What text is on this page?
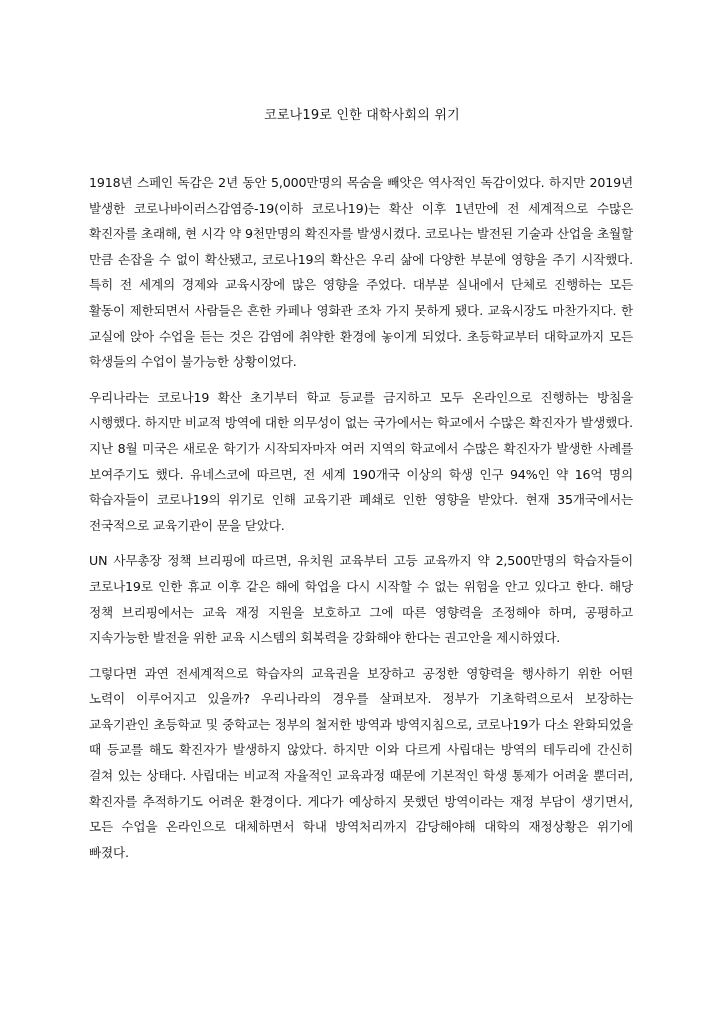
코로나19로 인한 대학사회의 위기

1918년 스페인 독감은 2년 동안 5,000만명의 목숨을 빼앗은 역사적인 독감이었다. 하지만 2019년 발생한 코로나바이러스감염증-19(이하 코로나19)는 확산 이후 1년만에 전 세계적으로 수많은 확진자를 초래해, 현 시각 약 9천만명의 확진자를 발생시켰다. 코로나는 발전된 기술과 산업을 초월할 만큼 손잡을 수 없이 확산됐고, 코로나19의 확산은 우리 삶에 다양한 부분에 영향을 주기 시작했다. 특히 전 세계의 경제와 교육시장에 많은 영향을 주었다. 대부분 실내에서 단체로 진행하는 모든 활동이 제한되면서 사람들은 흔한 카페나 영화관 조차 가지 못하게 됐다. 교육시장도 마찬가지다. 한 교실에 앉아 수업을 듣는 것은 감염에 취약한 환경에 놓이게 되었다. 초등학교부터 대학교까지 모든 학생들의 수업이 불가능한 상황이었다.

우리나라는 코로나19 확산 초기부터 학교 등교를 금지하고 모두 온라인으로 진행하는 방침을 시행했다. 하지만 비교적 방역에 대한 의무성이 없는 국가에서는 학교에서 수많은 확진자가 발생했다. 지난 8월 미국은 새로운 학기가 시작되자마자 여러 지역의 학교에서 수많은 확진자가 발생한 사례를 보여주기도 했다. 유네스코에 따르면, 전 세계 190개국 이상의 학생 인구 94%인 약 16억 명의 학습자들이 코로나19의 위기로 인해 교육기관 폐쇄로 인한 영향을 받았다. 현재 35개국에서는 전국적으로 교육기관이 문을 닫았다.

UN 사무총장 정책 브리핑에 따르면, 유치원 교육부터 고등 교육까지 약 2,500만명의 학습자들이 코로나19로 인한 휴교 이후 같은 해에 학업을 다시 시작할 수 없는 위험을 안고 있다고 한다. 해당 정책 브리핑에서는 교육 재정 지원을 보호하고 그에 따른 영향력을 조정해야 하며, 공평하고 지속가능한 발전을 위한 교육 시스템의 회복력을 강화해야 한다는 권고안을 제시하였다.

그렇다면 과연 전세계적으로 학습자의 교육권을 보장하고 공정한 영향력을 행사하기 위한 어떤 노력이 이루어지고 있을까? 우리나라의 경우를 살펴보자. 정부가 기초학력으로서 보장하는 교육기관인 초등학교 및 중학교는 정부의 철저한 방역과 방역지침으로, 코로나19가 다소 완화되었을 때 등교를 해도 확진자가 발생하지 않았다. 하지만 이와 다르게 사립대는 방역의 테두리에 간신히 걸쳐 있는 상태다. 사립대는 비교적 자율적인 교육과정 때문에 기본적인 학생 통제가 어려울 뿐더러, 확진자를 추적하기도 어려운 환경이다. 게다가 예상하지 못했던 방역이라는 재정 부담이 생기면서, 모든 수업을 온라인으로 대체하면서 학내 방역처리까지 감당해야해 대학의 재정상황은 위기에 빠졌다.
